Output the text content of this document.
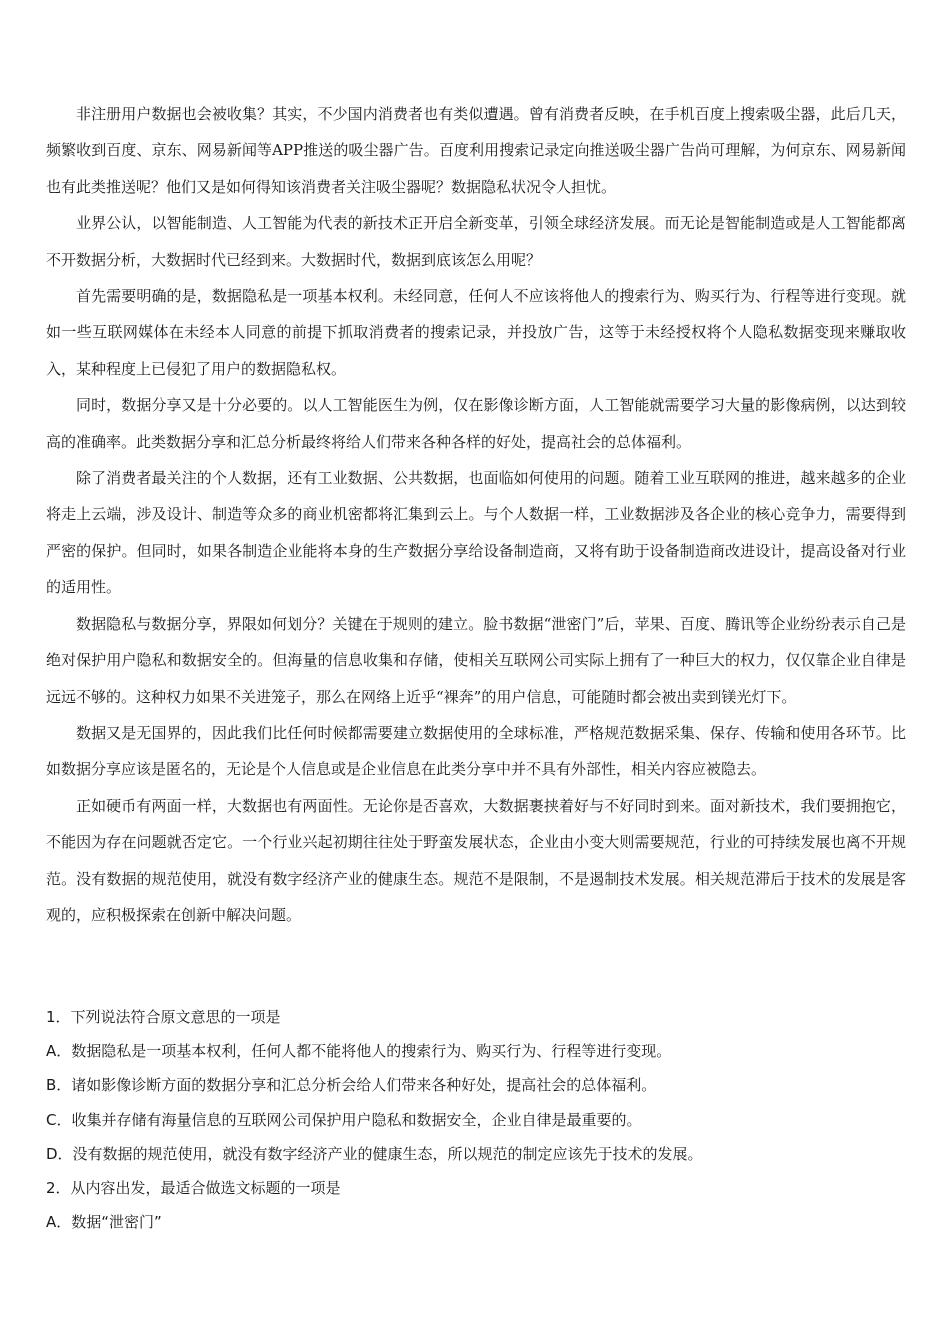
非注册用户数据也会被收集？其实，不少国内消费者也有类似遭遇。曾有消费者反映，在手机百度上搜索吸尘器，此后几天，频繁收到百度、京东、网易新闻等APP推送的吸尘器广告。百度利用搜索记录定向推送吸尘器广告尚可理解，为何京东、网易新闻也有此类推送呢？他们又是如何得知该消费者关注吸尘器呢？数据隐私状况令人担忧。

业界公认，以智能制造、人工智能为代表的新技术正开启全新变革，引领全球经济发展。而无论是智能制造或是人工智能都离不开数据分析，大数据时代已经到来。大数据时代，数据到底该怎么用呢？

首先需要明确的是，数据隐私是一项基本权利。未经同意，任何人不应该将他人的搜索行为、购买行为、行程等进行变现。就如一些互联网媒体在未经本人同意的前提下抓取消费者的搜索记录，并投放广告，这等于未经授权将个人隐私数据变现来赚取收入，某种程度上已侵犯了用户的数据隐私权。

同时，数据分享又是十分必要的。以人工智能医生为例，仅在影像诊断方面，人工智能就需要学习大量的影像病例，以达到较高的准确率。此类数据分享和汇总分析最终将给人们带来各种各样的好处，提高社会的总体福利。

除了消费者最关注的个人数据，还有工业数据、公共数据，也面临如何使用的问题。随着工业互联网的推进，越来越多的企业将走上云端，涉及设计、制造等众多的商业机密都将汇集到云上。与个人数据一样，工业数据涉及各企业的核心竞争力，需要得到严密的保护。但同时，如果各制造企业能将本身的生产数据分享给设备制造商，又将有助于设备制造商改进设计，提高设备对行业的适用性。

数据隐私与数据分享，界限如何划分？关键在于规则的建立。脸书数据“泄密门”后，苹果、百度、腾讯等企业纷纷表示自己是绝对保护用户隐私和数据安全的。但海量的信息收集和存储，使相关互联网公司实际上拥有了一种巨大的权力，仅仅靠企业自律是远远不够的。这种权力如果不关进笼子，那么在网络上近乎“裸奔”的用户信息，可能随时都会被出卖到镁光灯下。

数据又是无国界的，因此我们比任何时候都需要建立数据使用的全球标准，严格规范数据采集、保存、传输和使用各环节。比如数据分享应该是匿名的，无论是个人信息或是企业信息在此类分享中并不具有外部性，相关内容应被隐去。

正如硬币有两面一样，大数据也有两面性。无论你是否喜欢，大数据裹挟着好与不好同时到来。面对新技术，我们要拥抱它，不能因为存在问题就否定它。一个行业兴起初期往往处于野蛮发展状态，企业由小变大则需要规范，行业的可持续发展也离不开规范。没有数据的规范使用，就没有数字经济产业的健康生态。规范不是限制，不是遏制技术发展。相关规范滞后于技术的发展是客观的，应积极探索在创新中解决问题。

1．下列说法符合原文意思的一项是

A．数据隐私是一项基本权利，任何人都不能将他人的搜索行为、购买行为、行程等进行变现。

B．诸如影像诊断方面的数据分享和汇总分析会给人们带来各种好处，提高社会的总体福利。

C．收集并存储有海量信息的互联网公司保护用户隐私和数据安全，企业自律是最重要的。

D．没有数据的规范使用，就没有数字经济产业的健康生态，所以规范的制定应该先于技术的发展。

2．从内容出发，最适合做选文标题的一项是

A．数据“泄密门”
